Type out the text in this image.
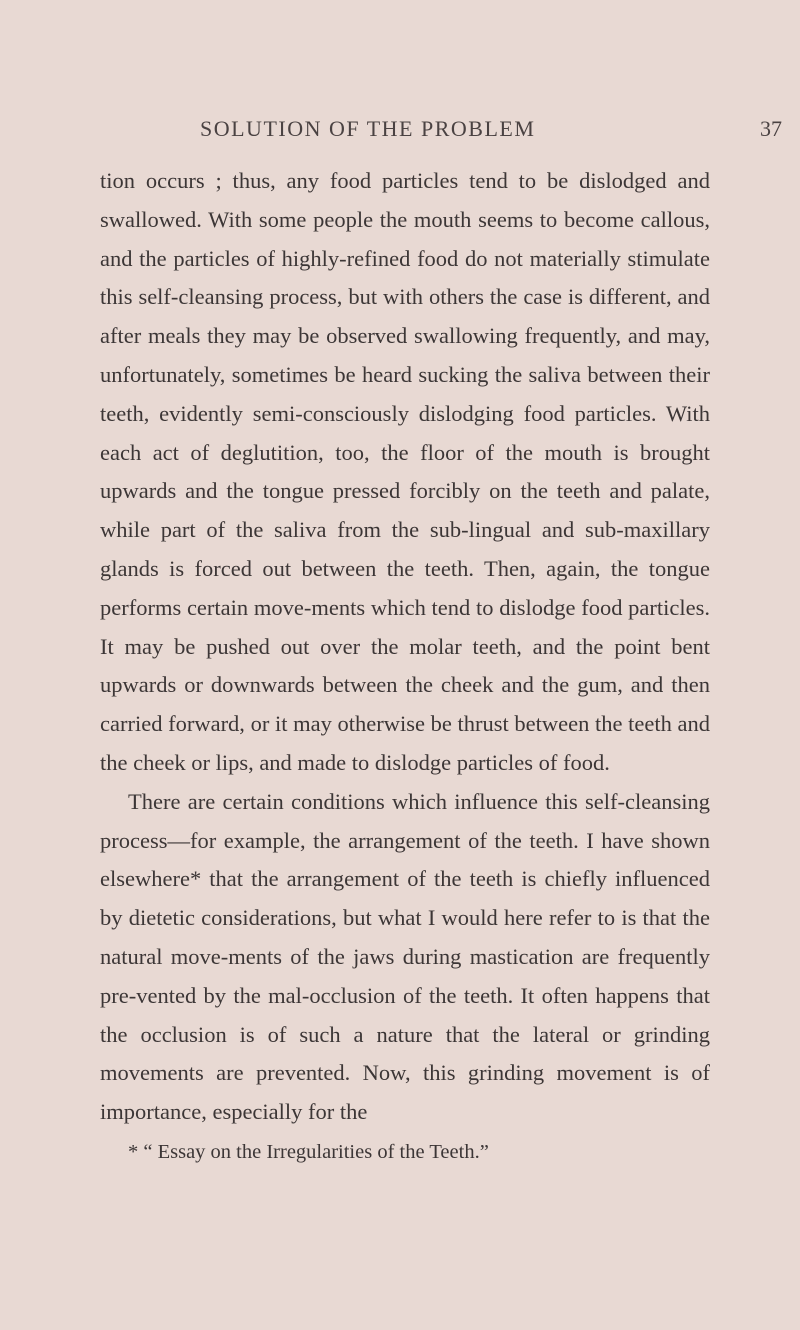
SOLUTION OF THE PROBLEM	37

tion occurs ; thus, any food particles tend to be dislodged and swallowed. With some people the mouth seems to become callous, and the particles of highly-refined food do not materially stimulate this self-cleansing process, but with others the case is different, and after meals they may be observed swallowing frequently, and may, unfortunately, sometimes be heard sucking the saliva between their teeth, evidently semi-consciously dislodging food particles. With each act of deglutition, too, the floor of the mouth is brought upwards and the tongue pressed forcibly on the teeth and palate, while part of the saliva from the sub-lingual and sub-maxillary glands is forced out between the teeth. Then, again, the tongue performs certain move-ments which tend to dislodge food particles. It may be pushed out over the molar teeth, and the point bent upwards or downwards between the cheek and the gum, and then carried forward, or it may otherwise be thrust between the teeth and the cheek or lips, and made to dislodge particles of food.

There are certain conditions which influence this self-cleansing process—for example, the arrangement of the teeth. I have shown elsewhere* that the arrangement of the teeth is chiefly influenced by dietetic considerations, but what I would here refer to is that the natural move-ments of the jaws during mastication are frequently pre-vented by the mal-occlusion of the teeth. It often happens that the occlusion is of such a nature that the lateral or grinding movements are prevented. Now, this grinding movement is of importance, especially for the

* “ Essay on the Irregularities of the Teeth.”
